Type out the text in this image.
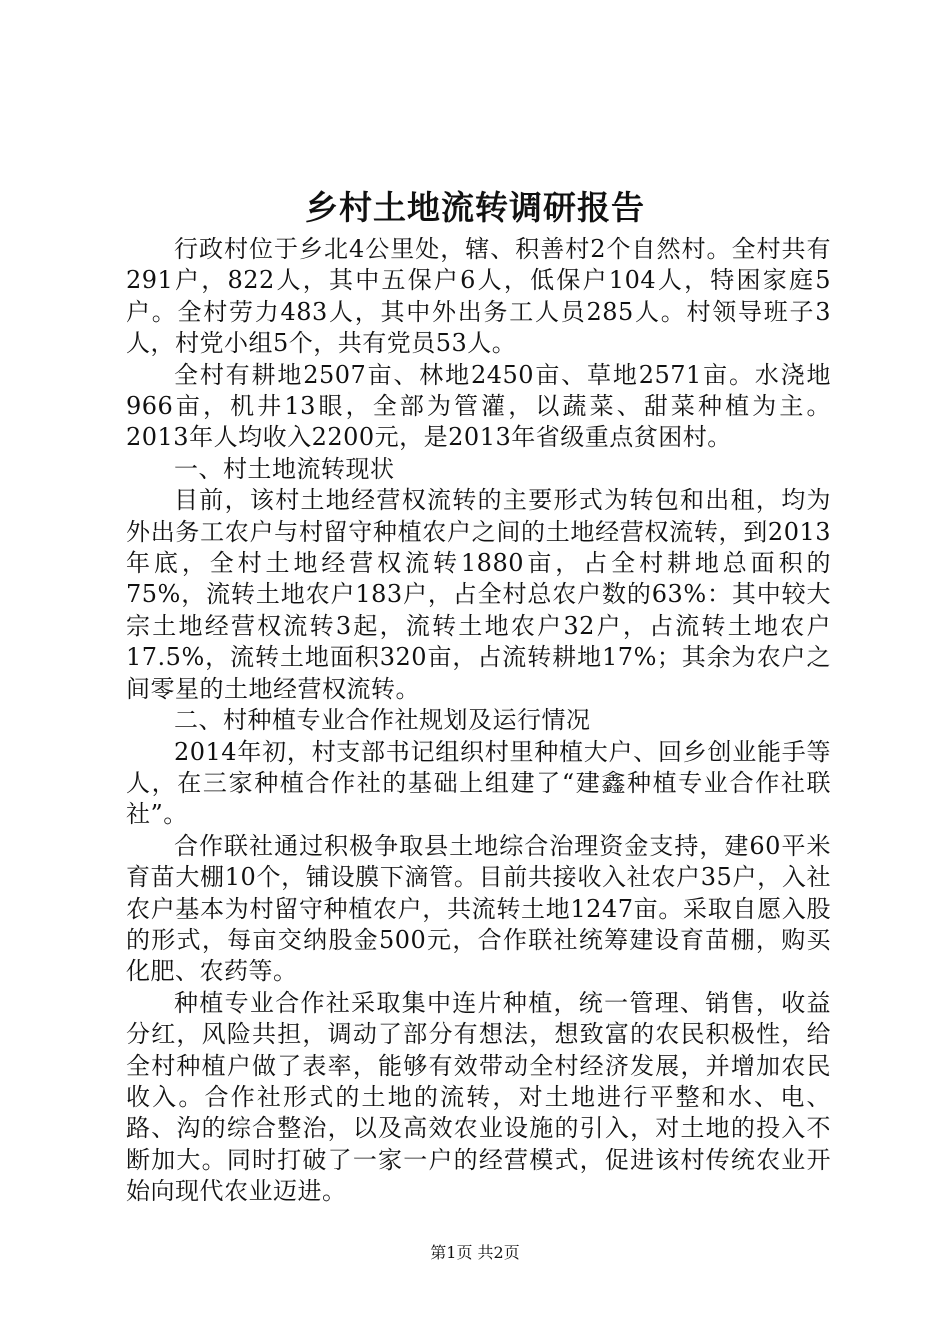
乡村土地流转调研报告

行政村位于乡北4公里处，辖、积善村2个自然村。全村共有291户，822人，其中五保户6人，低保户104人，特困家庭5户。全村劳力483人，其中外出务工人员285人。村领导班子3人，村党小组5个，共有党员53人。

全村有耕地2507亩、林地2450亩、草地2571亩。水浇地966亩，机井13眼，全部为管灌，以蔬菜、甜菜种植为主。2013年人均收入2200元，是2013年省级重点贫困村。

一、村土地流转现状

目前，该村土地经营权流转的主要形式为转包和出租，均为外出务工农户与村留守种植农户之间的土地经营权流转，到2013年底，全村土地经营权流转1880亩，占全村耕地总面积的75%，流转土地农户183户，占全村总农户数的63%：其中较大宗土地经营权流转3起，流转土地农户32户，占流转土地农户17.5%，流转土地面积320亩，占流转耕地17%；其余为农户之间零星的土地经营权流转。

二、村种植专业合作社规划及运行情况

2014年初，村支部书记组织村里种植大户、回乡创业能手等人，在三家种植合作社的基础上组建了“建鑫种植专业合作社联社”。

合作联社通过积极争取县土地综合治理资金支持，建60平米育苗大棚10个，铺设膜下滴管。目前共接收入社农户35户，入社农户基本为村留守种植农户，共流转土地1247亩。采取自愿入股的形式，每亩交纳股金500元，合作联社统筹建设育苗棚，购买化肥、农药等。

种植专业合作社采取集中连片种植，统一管理、销售，收益分红，风险共担，调动了部分有想法，想致富的农民积极性，给全村种植户做了表率，能够有效带动全村经济发展，并增加农民收入。合作社形式的土地的流转，对土地进行平整和水、电、路、沟的综合整治，以及高效农业设施的引入，对土地的投入不断加大。同时打破了一家一户的经营模式，促进该村传统农业开始向现代农业迈进。

第1页 共2页
